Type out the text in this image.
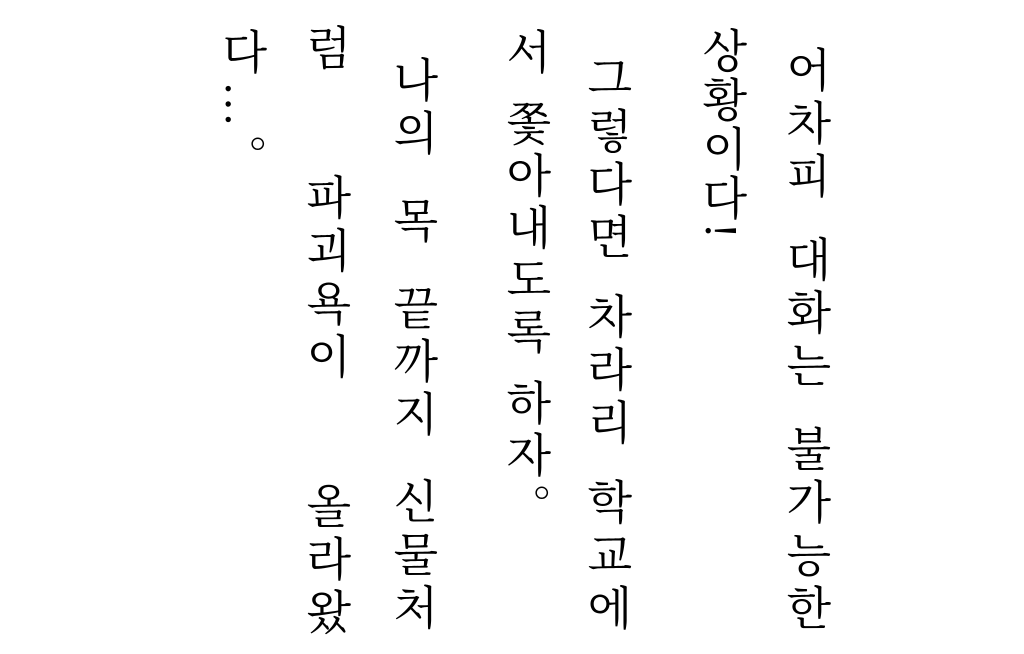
어차피 대화는 불가능한
상황이다!
그렇다면 차라리 학교에
서 쫓아내도록 하자。
나의 목 끝까지 신물처
럼 파괴욕이 올라왔
다…。
